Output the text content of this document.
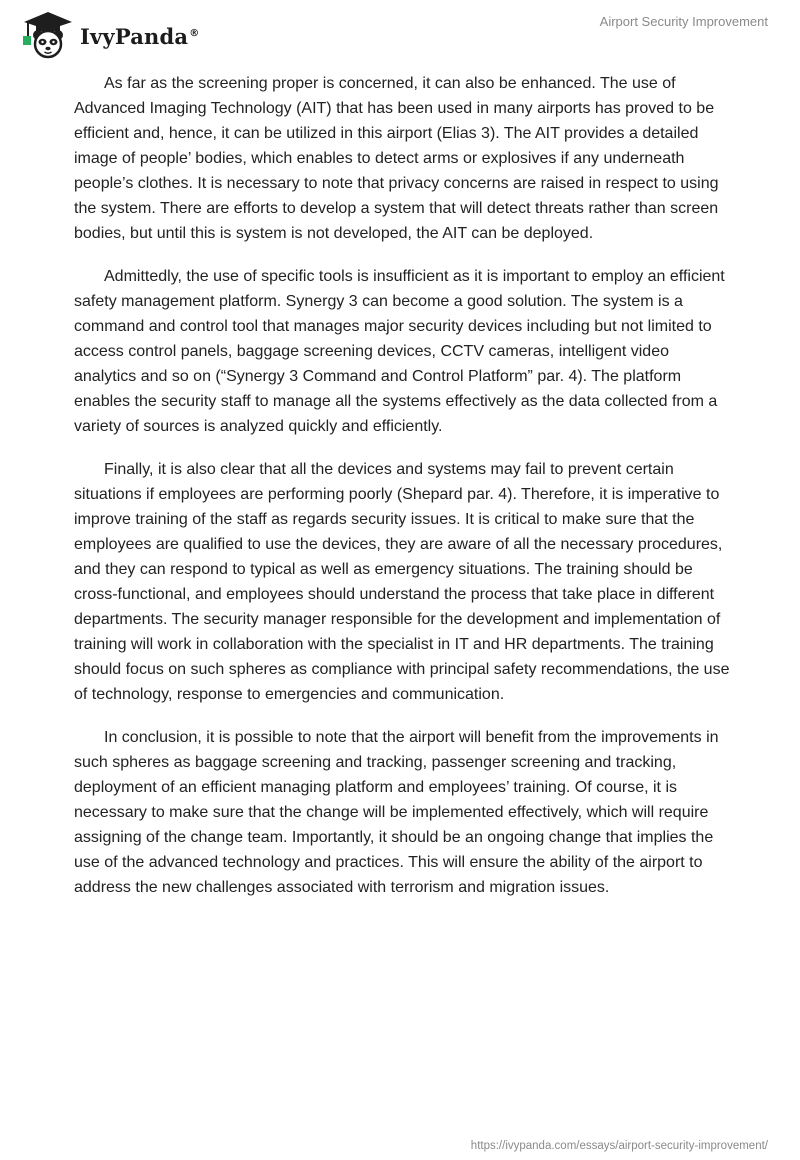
IvyPanda®
Airport Security Improvement

As far as the screening proper is concerned, it can also be enhanced. The use of Advanced Imaging Technology (AIT) that has been used in many airports has proved to be efficient and, hence, it can be utilized in this airport (Elias 3). The AIT provides a detailed image of people’ bodies, which enables to detect arms or explosives if any underneath people’s clothes. It is necessary to note that privacy concerns are raised in respect to using the system. There are efforts to develop a system that will detect threats rather than screen bodies, but until this is system is not developed, the AIT can be deployed.

Admittedly, the use of specific tools is insufficient as it is important to employ an efficient safety management platform. Synergy 3 can become a good solution. The system is a command and control tool that manages major security devices including but not limited to access control panels, baggage screening devices, CCTV cameras, intelligent video analytics and so on (“Synergy 3 Command and Control Platform” par. 4). The platform enables the security staff to manage all the systems effectively as the data collected from a variety of sources is analyzed quickly and efficiently.

Finally, it is also clear that all the devices and systems may fail to prevent certain situations if employees are performing poorly (Shepard par. 4). Therefore, it is imperative to improve training of the staff as regards security issues. It is critical to make sure that the employees are qualified to use the devices, they are aware of all the necessary procedures, and they can respond to typical as well as emergency situations. The training should be cross-functional, and employees should understand the process that take place in different departments. The security manager responsible for the development and implementation of training will work in collaboration with the specialist in IT and HR departments. The training should focus on such spheres as compliance with principal safety recommendations, the use of technology, response to emergencies and communication.

In conclusion, it is possible to note that the airport will benefit from the improvements in such spheres as baggage screening and tracking, passenger screening and tracking, deployment of an efficient managing platform and employees’ training. Of course, it is necessary to make sure that the change will be implemented effectively, which will require assigning of the change team. Importantly, it should be an ongoing change that implies the use of the advanced technology and practices. This will ensure the ability of the airport to address the new challenges associated with terrorism and migration issues.

https://ivypanda.com/essays/airport-security-improvement/
